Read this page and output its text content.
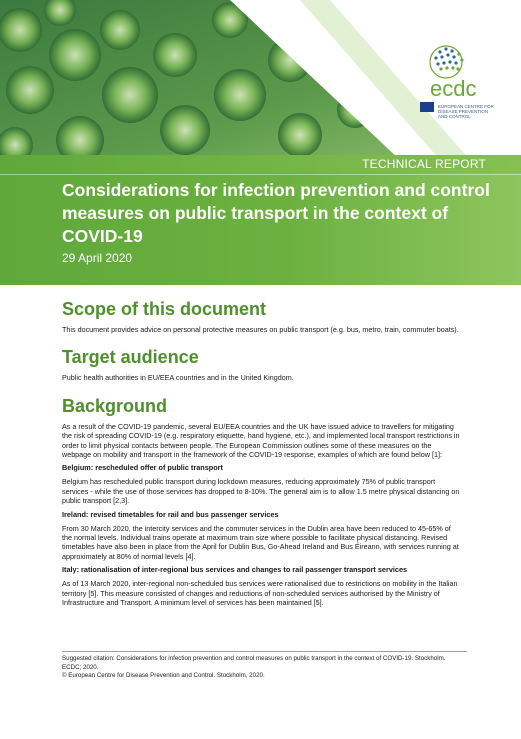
ecdc
EUROPEAN CENTRE FOR DISEASE PREVENTION AND CONTROL
TECHNICAL REPORT
Considerations for infection prevention and control measures on public transport in the context of COVID-19
29 April 2020
Scope of this document

This document provides advice on personal protective measures on public transport (e.g. bus, metro, train, commuter boats).

Target audience

Public health authorities in EU/EEA countries and in the United Kingdom.

Background

As a result of the COVID-19 pandemic, several EU/EEA countries and the UK have issued advice to travellers for mitigating the risk of spreading COVID-19 (e.g. respiratory etiquette, hand hygiene, etc.), and implemented local transport restrictions in order to limit physical contacts between people. The European Commission outlines some of these measures on the webpage on mobility and transport in the framework of the COVID-19 response, examples of which are found below [1]:

Belgium: rescheduled offer of public transport

Belgium has rescheduled public transport during lockdown measures, reducing approximately 75% of public transport services - while the use of those services has dropped to 8-10%. The general aim is to allow 1.5 metre physical distancing on public transport [2,3].

Ireland: revised timetables for rail and bus passenger services

From 30 March 2020, the intercity services and the commuter services in the Dublin area have been reduced to 45-65% of the normal levels. Individual trains operate at maximum train size where possible to facilitate physical distancing. Revised timetables have also been in place from the April for Dublin Bus, Go-Ahead Ireland and Bus Éireann, with services running at approximately at 80% of normal levels [4].

Italy: rationalisation of inter-regional bus services and changes to rail passenger transport services

As of 13 March 2020, inter-regional non-scheduled bus services were rationalised due to restrictions on mobility in the Italian territory [5]. This measure consisted of changes and reductions of non-scheduled services authorised by the Ministry of Infrastructure and Transport. A minimum level of services has been maintained [5].

Suggested citation: Considerations for infection prevention and control measures on public transport in the context of COVID-19. Stockholm. ECDC; 2020.
© European Centre for Disease Prevention and Control. Stockholm, 2020.
